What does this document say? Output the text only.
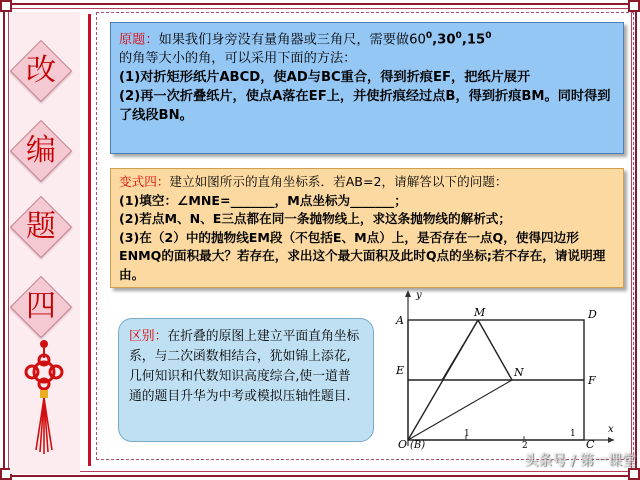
改
编
题
四
原题：如果我们身旁没有量角器或三角尺，需要做$60^0,30^0,15^0$
的角等大小的角，可以采用下面的方法：
(1)对折矩形纸片ABCD，使AD与BC重合，得到折痕EF，把纸片展开
(2)再一次折叠纸片，使点A落在EF上，并使折痕经过点B，得到折痕BM。同时得到了线段BN。
变式四：建立如图所示的直角坐标系．若AB=2，请解答以下的问题：
(1)填空：∠MNE=_______，M点坐标为_______；
(2)若点M、N、E三点都在同一条抛物线上，求这条抛物线的解析式；
(3)在（2）中的抛物线EM段（不包括E、M点）上，是否存在一点Q，使得四边形ENMQ的面积最大？若存在，求出这个最大面积及此时Q点的坐标;若不存在，请说明理由。
区别：在折叠的原图上建立平面直角坐标系，与二次函数相结合，犹如锦上添花,几何知识和代数知识高度综合,使一道普通的题目升华为中考或模拟压轴性题目.
A	D
E
F
M
N
O (B)	C
x
y
1
2
1
头条号 / 第一课堂
